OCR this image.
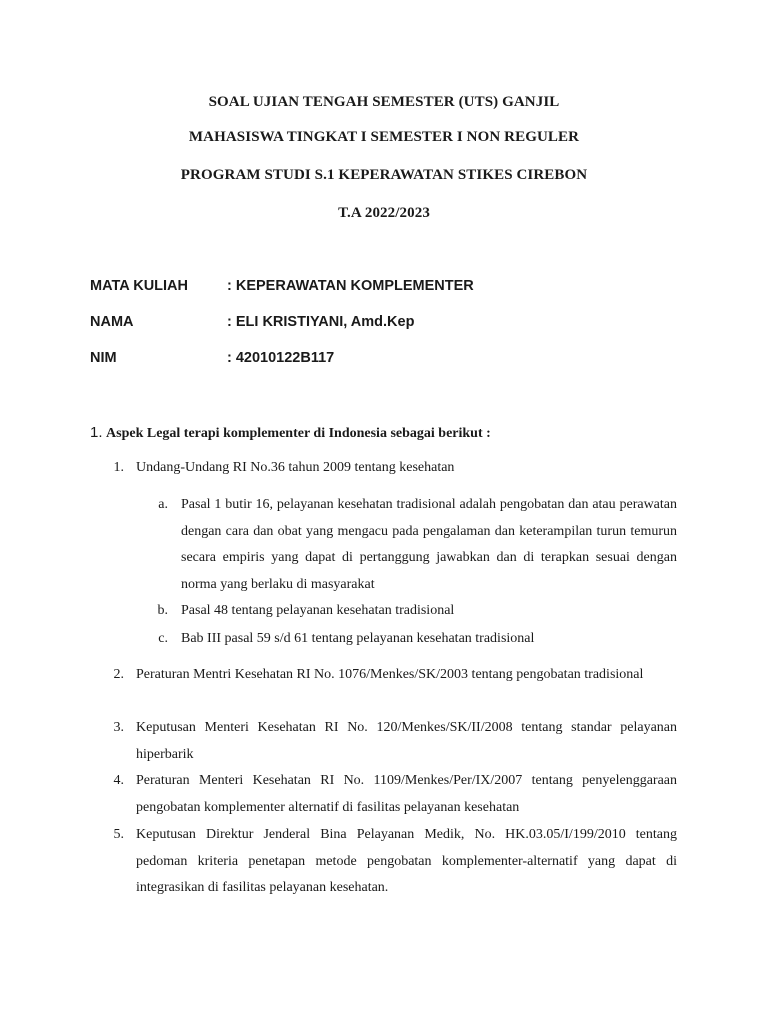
SOAL UJIAN TENGAH SEMESTER (UTS) GANJIL
MAHASISWA TINGKAT I SEMESTER I NON REGULER
PROGRAM STUDI S.1 KEPERAWATAN STIKES CIREBON
T.A 2022/2023
MATA KULIAH	: KEPERAWATAN KOMPLEMENTER
NAMA	: ELI KRISTIYANI, Amd.Kep
NIM	: 42010122B117
1. Aspek Legal terapi komplementer di Indonesia sebagai berikut :
1. Undang-Undang RI No.36 tahun 2009 tentang kesehatan
a. Pasal 1 butir 16, pelayanan kesehatan tradisional adalah pengobatan dan atau perawatan dengan cara dan obat yang mengacu pada pengalaman dan keterampilan turun temurun secara empiris yang dapat di pertanggung jawabkan dan di terapkan sesuai dengan norma yang berlaku di masyarakat
b. Pasal 48 tentang pelayanan kesehatan tradisional
c. Bab III pasal 59 s/d 61 tentang pelayanan kesehatan tradisional
2. Peraturan Mentri Kesehatan RI No. 1076/Menkes/SK/2003 tentang pengobatan tradisional
3. Keputusan Menteri Kesehatan RI No. 120/Menkes/SK/II/2008 tentang standar pelayanan hiperbarik
4. Peraturan Menteri Kesehatan RI No. 1109/Menkes/Per/IX/2007 tentang penyelenggaraan pengobatan komplementer alternatif di fasilitas pelayanan kesehatan
5. Keputusan Direktur Jenderal Bina Pelayanan Medik, No. HK.03.05/I/199/2010 tentang pedoman kriteria penetapan metode pengobatan komplementer-alternatif yang dapat di integrasikan di fasilitas pelayanan kesehatan.
